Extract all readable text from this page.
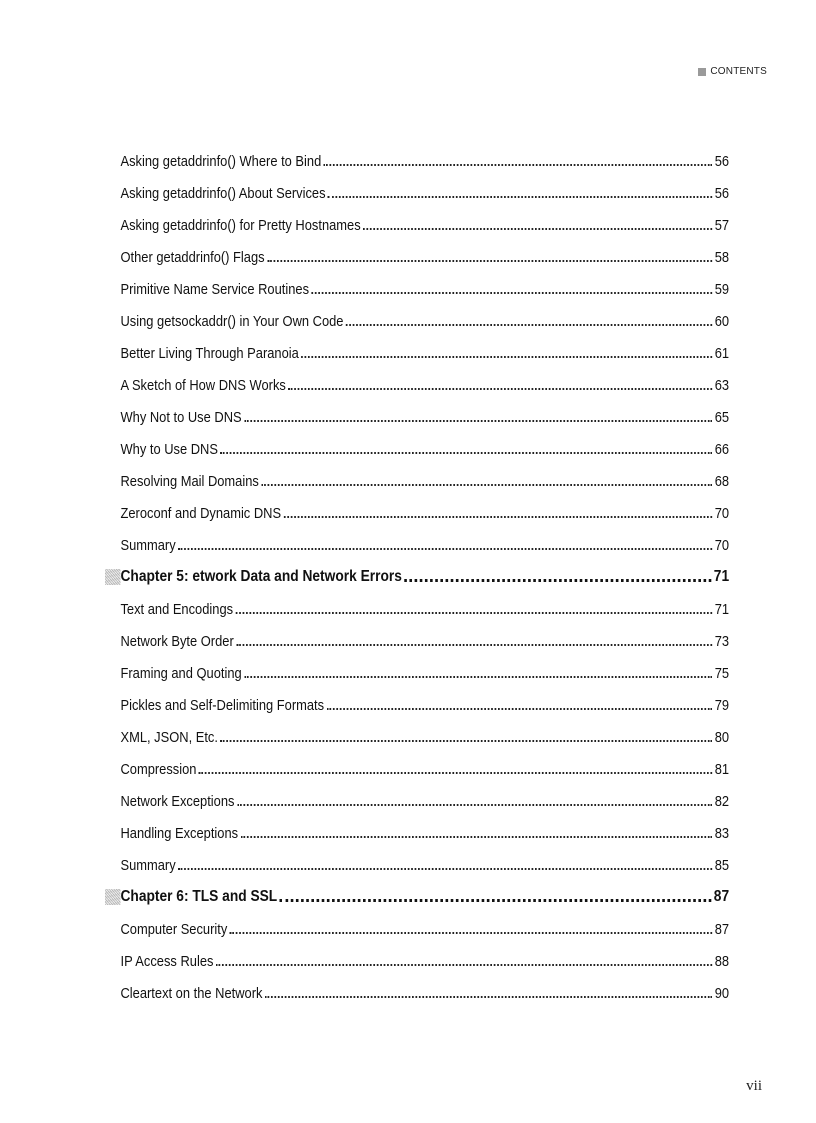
CONTENTS
Asking getaddrinfo() Where to Bind	56
Asking getaddrinfo() About Services	56
Asking getaddrinfo() for Pretty Hostnames	57
Other getaddrinfo() Flags	58
Primitive Name Service Routines	59
Using getsockaddr() in Your Own Code	60
Better Living Through Paranoia	61
A Sketch of How DNS Works	63
Why Not to Use DNS	65
Why to Use DNS	66
Resolving Mail Domains	68
Zeroconf and Dynamic DNS	70
Summary	70
Chapter 5: etwork Data and Network Errors	71
Text and Encodings	71
Network Byte Order	73
Framing and Quoting	75
Pickles and Self-Delimiting Formats	79
XML, JSON, Etc.	80
Compression	81
Network Exceptions	82
Handling Exceptions	83
Summary	85
Chapter 6: TLS and SSL	87
Computer Security	87
IP Access Rules	88
Cleartext on the Network	90
vii
